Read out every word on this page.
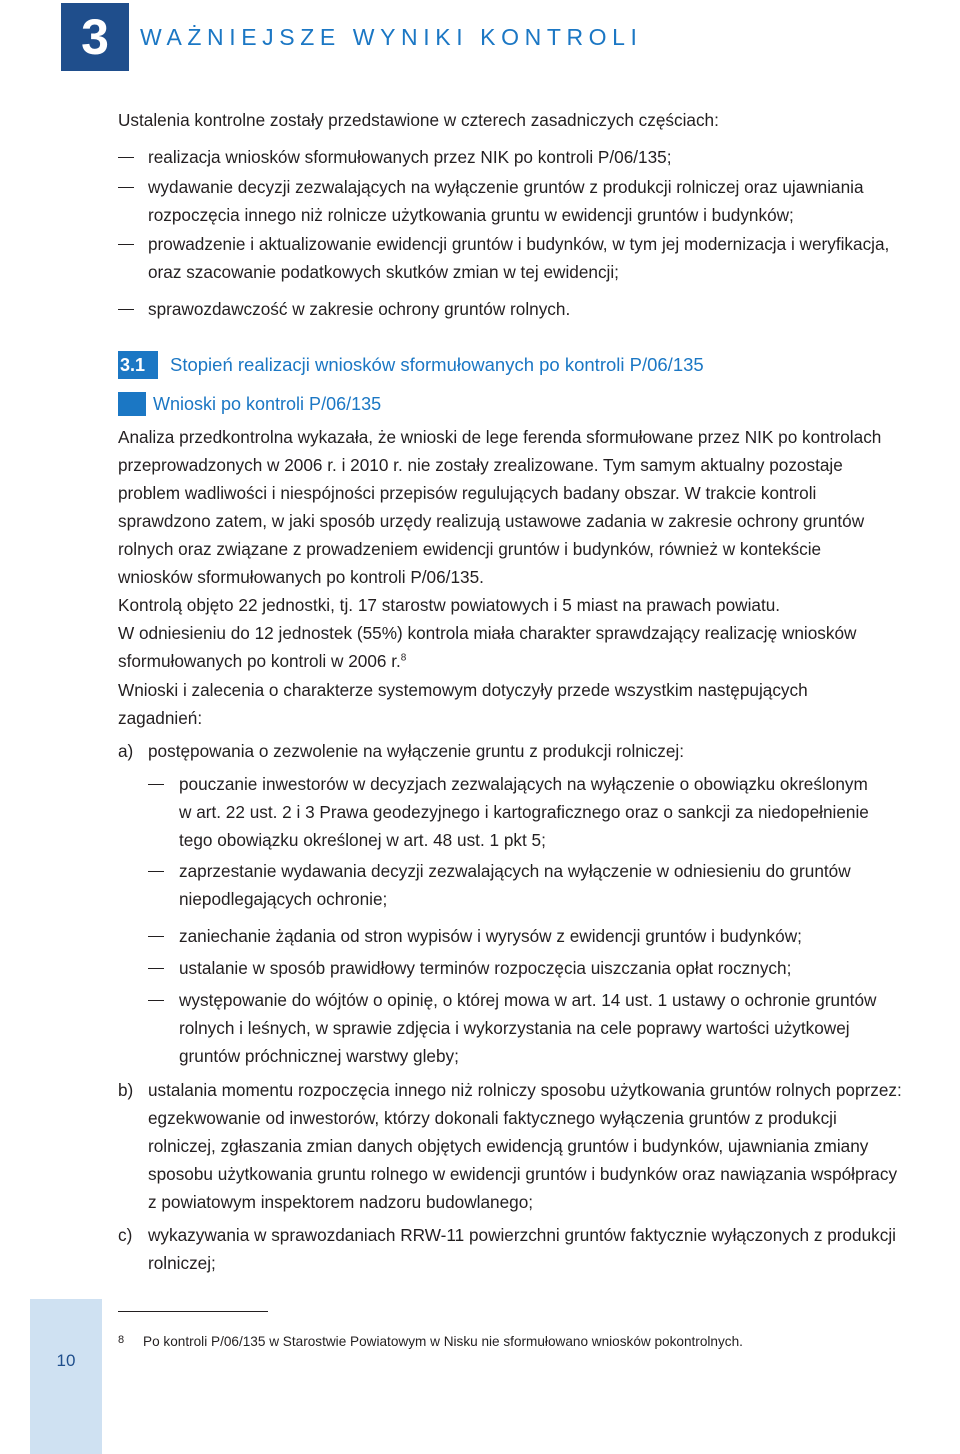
3	WAŻNIEJSZE WYNIKI KONTROLI
Ustalenia kontrolne zostały przedstawione w czterech zasadniczych częściach:
realizacja wniosków sformułowanych przez NIK po kontroli P/06/135;
wydawanie decyzji zezwalających na wyłączenie gruntów z produkcji rolniczej oraz ujawniania
rozpoczęcia innego niż rolnicze użytkowania gruntu w ewidencji gruntów i budynków;
prowadzenie i aktualizowanie ewidencji gruntów i budynków, w tym jej modernizacja i weryfikacja,
oraz szacowanie podatkowych skutków zmian w tej ewidencji;
sprawozdawczość w zakresie ochrony gruntów rolnych.
3.1	Stopień realizacji wniosków sformułowanych po kontroli P/06/135
Wnioski po kontroli P/06/135
Analiza przedkontrolna wykazała, że wnioski de lege ferenda sformułowane przez NIK po kontrolach
przeprowadzonych w 2006 r. i 2010 r. nie zostały zrealizowane. Tym samym aktualny pozostaje
problem wadliwości i niespójności przepisów regulujących badany obszar. W trakcie kontroli
sprawdzono zatem, w jaki sposób urzędy realizują ustawowe zadania w zakresie ochrony gruntów
rolnych oraz związane z prowadzeniem ewidencji gruntów i budynków, również w kontekście
wniosków sformułowanych po kontroli P/06/135.
Kontrolą objęto 22 jednostki, tj. 17 starostw powiatowych i 5 miast na prawach powiatu.
W odniesieniu do 12 jednostek (55%) kontrola miała charakter sprawdzający realizację wniosków
sformułowanych po kontroli w 2006 r.$^8$
Wnioski i zalecenia o charakterze systemowym dotyczyły przede wszystkim następujących
zagadnień:
a) postępowania o zezwolenie na wyłączenie gruntu z produkcji rolniczej:
pouczanie inwestorów w decyzjach zezwalających na wyłączenie o obowiązku określonym
w art. 22 ust. 2 i 3 Prawa geodezyjnego i kartograficznego oraz o sankcji za niedopełnienie
tego obowiązku określonej w art. 48 ust. 1 pkt 5;
zaprzestanie wydawania decyzji zezwalających na wyłączenie w odniesieniu do gruntów
niepodlegających ochronie;
zaniechanie żądania od stron wypisów i wyrysów z ewidencji gruntów i budynków;
ustalanie w sposób prawidłowy terminów rozpoczęcia uiszczania opłat rocznych;
występowanie do wójtów o opinię, o której mowa w art. 14 ust. 1 ustawy o ochronie gruntów
rolnych i leśnych, w sprawie zdjęcia i wykorzystania na cele poprawy wartości użytkowej
gruntów próchnicznej warstwy gleby;
b) ustalania momentu rozpoczęcia innego niż rolniczy sposobu użytkowania gruntów rolnych poprzez:
egzekwowanie od inwestorów, którzy dokonali faktycznego wyłączenia gruntów z produkcji
rolniczej, zgłaszania zmian danych objętych ewidencją gruntów i budynków, ujawniania zmiany
sposobu użytkowania gruntu rolnego w ewidencji gruntów i budynków oraz nawiązania współpracy
z powiatowym inspektorem nadzoru budowlanego;
c) wykazywania w sprawozdaniach RRW-11 powierzchni gruntów faktycznie wyłączonych z produkcji
rolniczej;
10
8 Po kontroli P/06/135 w Starostwie Powiatowym w Nisku nie sformułowano wniosków pokontrolnych.
